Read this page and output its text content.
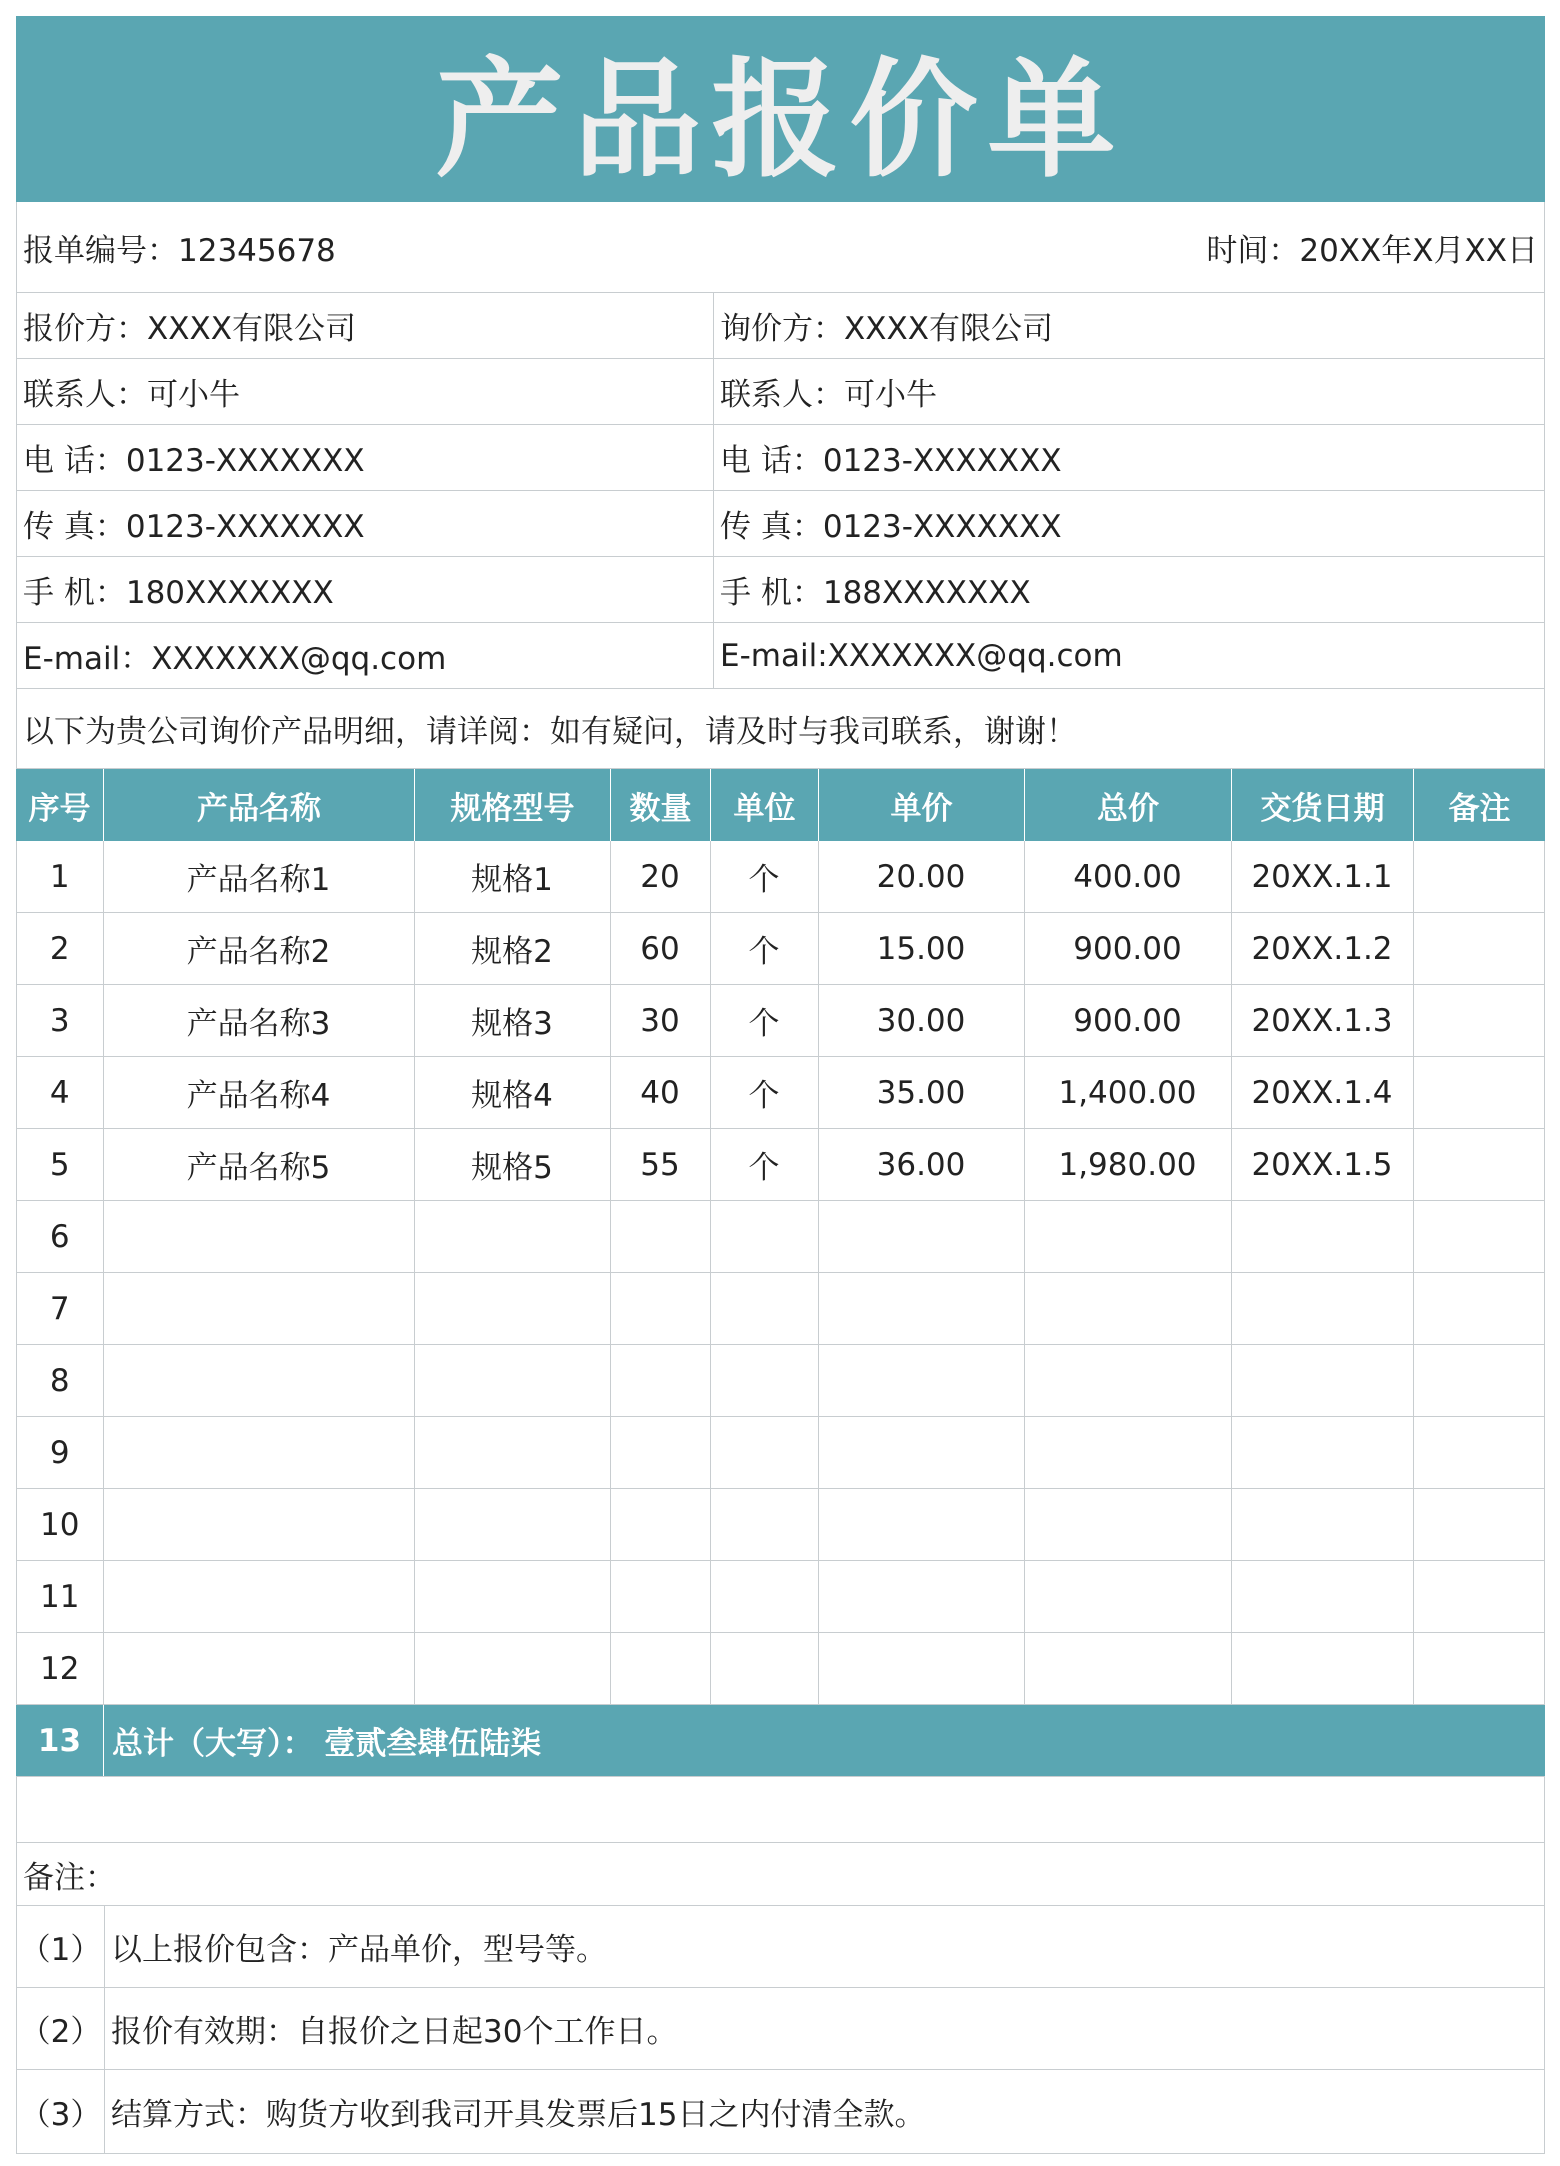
产品报价单
报单编号：12345678	时间：20XX年X月XX日
报价方：XXXX有限公司	询价方：XXXX有限公司
联系人：可小牛	联系人：可小牛
电 话：0123-XXXXXXX	电 话：0123-XXXXXXX
传 真：0123-XXXXXXX	传 真：0123-XXXXXXX
手 机：180XXXXXXX	手 机：188XXXXXXX
E-mail：XXXXXXX@qq.com	E-mail:XXXXXXX@qq.com
以下为贵公司询价产品明细，请详阅：如有疑问，请及时与我司联系，谢谢！
序号	产品名称	规格型号	数量	单位	单价	总价	交货日期	备注
1	产品名称1	规格1	20	个	20.00	400.00	20XX.1.1
2	产品名称2	规格2	60	个	15.00	900.00	20XX.1.2
3	产品名称3	规格3	30	个	30.00	900.00	20XX.1.3
4	产品名称4	规格4	40	个	35.00	1,400.00	20XX.1.4
5	产品名称5	规格5	55	个	36.00	1,980.00	20XX.1.5
6
7
8
9
10
11
12
13 总计（大写）： 壹贰叁肆伍陆柒
备注：
（1） 以上报价包含：产品单价，型号等。
（2） 报价有效期：自报价之日起30个工作日。
（3） 结算方式：购货方收到我司开具发票后15日之内付清全款。
